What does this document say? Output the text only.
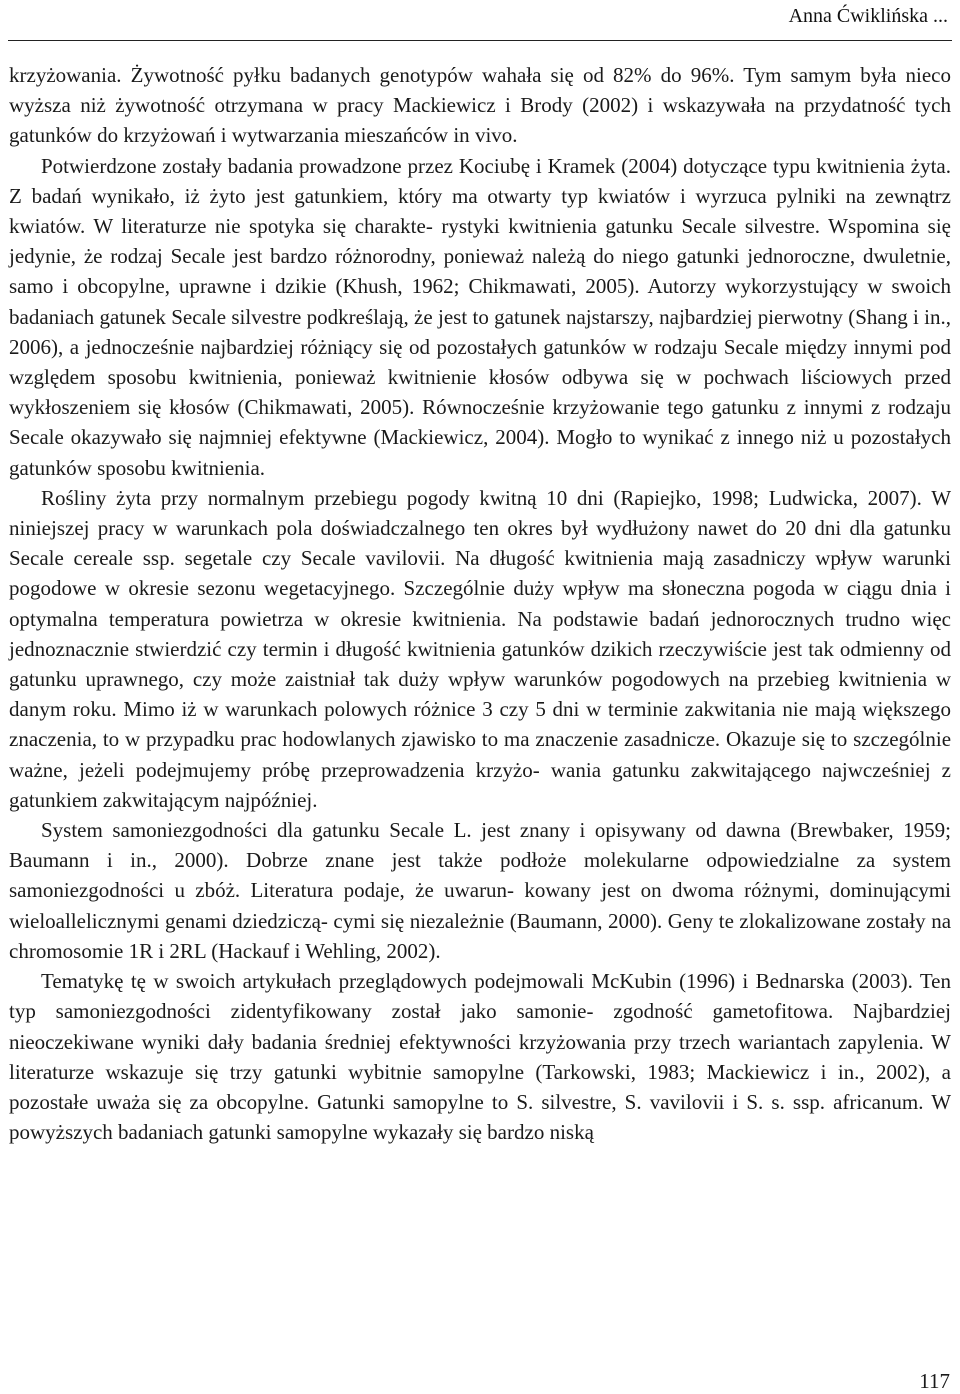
Anna Ćwiklińska ...

krzyżowania. Żywotność pyłku badanych genotypów wahała się od 82% do 96%. Tym samym była nieco wyższa niż żywotność otrzymana w pracy Mackiewicz i Brody (2002) i wskazywała na przydatność tych gatunków do krzyżowań i wytwarzania mieszańców in vivo.

Potwierdzone zostały badania prowadzone przez Kociubę i Kramek (2004) dotyczące typu kwitnienia żyta. Z badań wynikało, iż żyto jest gatunkiem, który ma otwarty typ kwiatów i wyrzuca pylniki na zewnątrz kwiatów. W literaturze nie spotyka się charakte- rystyki kwitnienia gatunku Secale silvestre. Wspomina się jedynie, że rodzaj Secale jest bardzo różnorodny, ponieważ należą do niego gatunki jednoroczne, dwuletnie, samo i obcopylne, uprawne i dzikie (Khush, 1962; Chikmawati, 2005). Autorzy wykorzystujący w swoich badaniach gatunek Secale silvestre podkreślają, że jest to gatunek najstarszy, najbardziej pierwotny (Shang i in., 2006), a jednocześnie najbardziej różniący się od pozostałych gatunków w rodzaju Secale między innymi pod względem sposobu kwitnienia, ponieważ kwitnienie kłosów odbywa się w pochwach liściowych przed wykłoszeniem się kłosów (Chikmawati, 2005). Równocześnie krzyżowanie tego gatunku z innymi z rodzaju Secale okazywało się najmniej efektywne (Mackiewicz, 2004). Mogło to wynikać z innego niż u pozostałych gatunków sposobu kwitnienia.

Rośliny żyta przy normalnym przebiegu pogody kwitną 10 dni (Rapiejko, 1998; Ludwicka, 2007). W niniejszej pracy w warunkach pola doświadczalnego ten okres był wydłużony nawet do 20 dni dla gatunku Secale cereale ssp. segetale czy Secale vavilovii. Na długość kwitnienia mają zasadniczy wpływ warunki pogodowe w okresie sezonu wegetacyjnego. Szczególnie duży wpływ ma słoneczna pogoda w ciągu dnia i optymalna temperatura powietrza w okresie kwitnienia. Na podstawie badań jednorocznych trudno więc jednoznacznie stwierdzić czy termin i długość kwitnienia gatunków dzikich rzeczywiście jest tak odmienny od gatunku uprawnego, czy może zaistniał tak duży wpływ warunków pogodowych na przebieg kwitnienia w danym roku. Mimo iż w warunkach polowych różnice 3 czy 5 dni w terminie zakwitania nie mają większego znaczenia, to w przypadku prac hodowlanych zjawisko to ma znaczenie zasadnicze. Okazuje się to szczególnie ważne, jeżeli podejmujemy próbę przeprowadzenia krzyżo- wania gatunku zakwitającego najwcześniej z gatunkiem zakwitającym najpóźniej.

System samoniezgodności dla gatunku Secale L. jest znany i opisywany od dawna (Brewbaker, 1959; Baumann i in., 2000). Dobrze znane jest także podłoże molekularne odpowiedzialne za system samoniezgodności u zbóż. Literatura podaje, że uwarun- kowany jest on dwoma różnymi, dominującymi wieloallelicznymi genami dziedziczą- cymi się niezależnie (Baumann, 2000). Geny te zlokalizowane zostały na chromosomie 1R i 2RL (Hackauf i Wehling, 2002).

Tematykę tę w swoich artykułach przeglądowych podejmowali McKubin (1996) i Bednarska (2003). Ten typ samoniezgodności zidentyfikowany został jako samonie- zgodność gametofitowa. Najbardziej nieoczekiwane wyniki dały badania średniej efektywności krzyżowania przy trzech wariantach zapylenia. W literaturze wskazuje się trzy gatunki wybitnie samopylne (Tarkowski, 1983; Mackiewicz i in., 2002), a pozostałe uważa się za obcopylne. Gatunki samopylne to S. silvestre, S. vavilovii i S. s. ssp. africanum. W powyższych badaniach gatunki samopylne wykazały się bardzo niską

117
